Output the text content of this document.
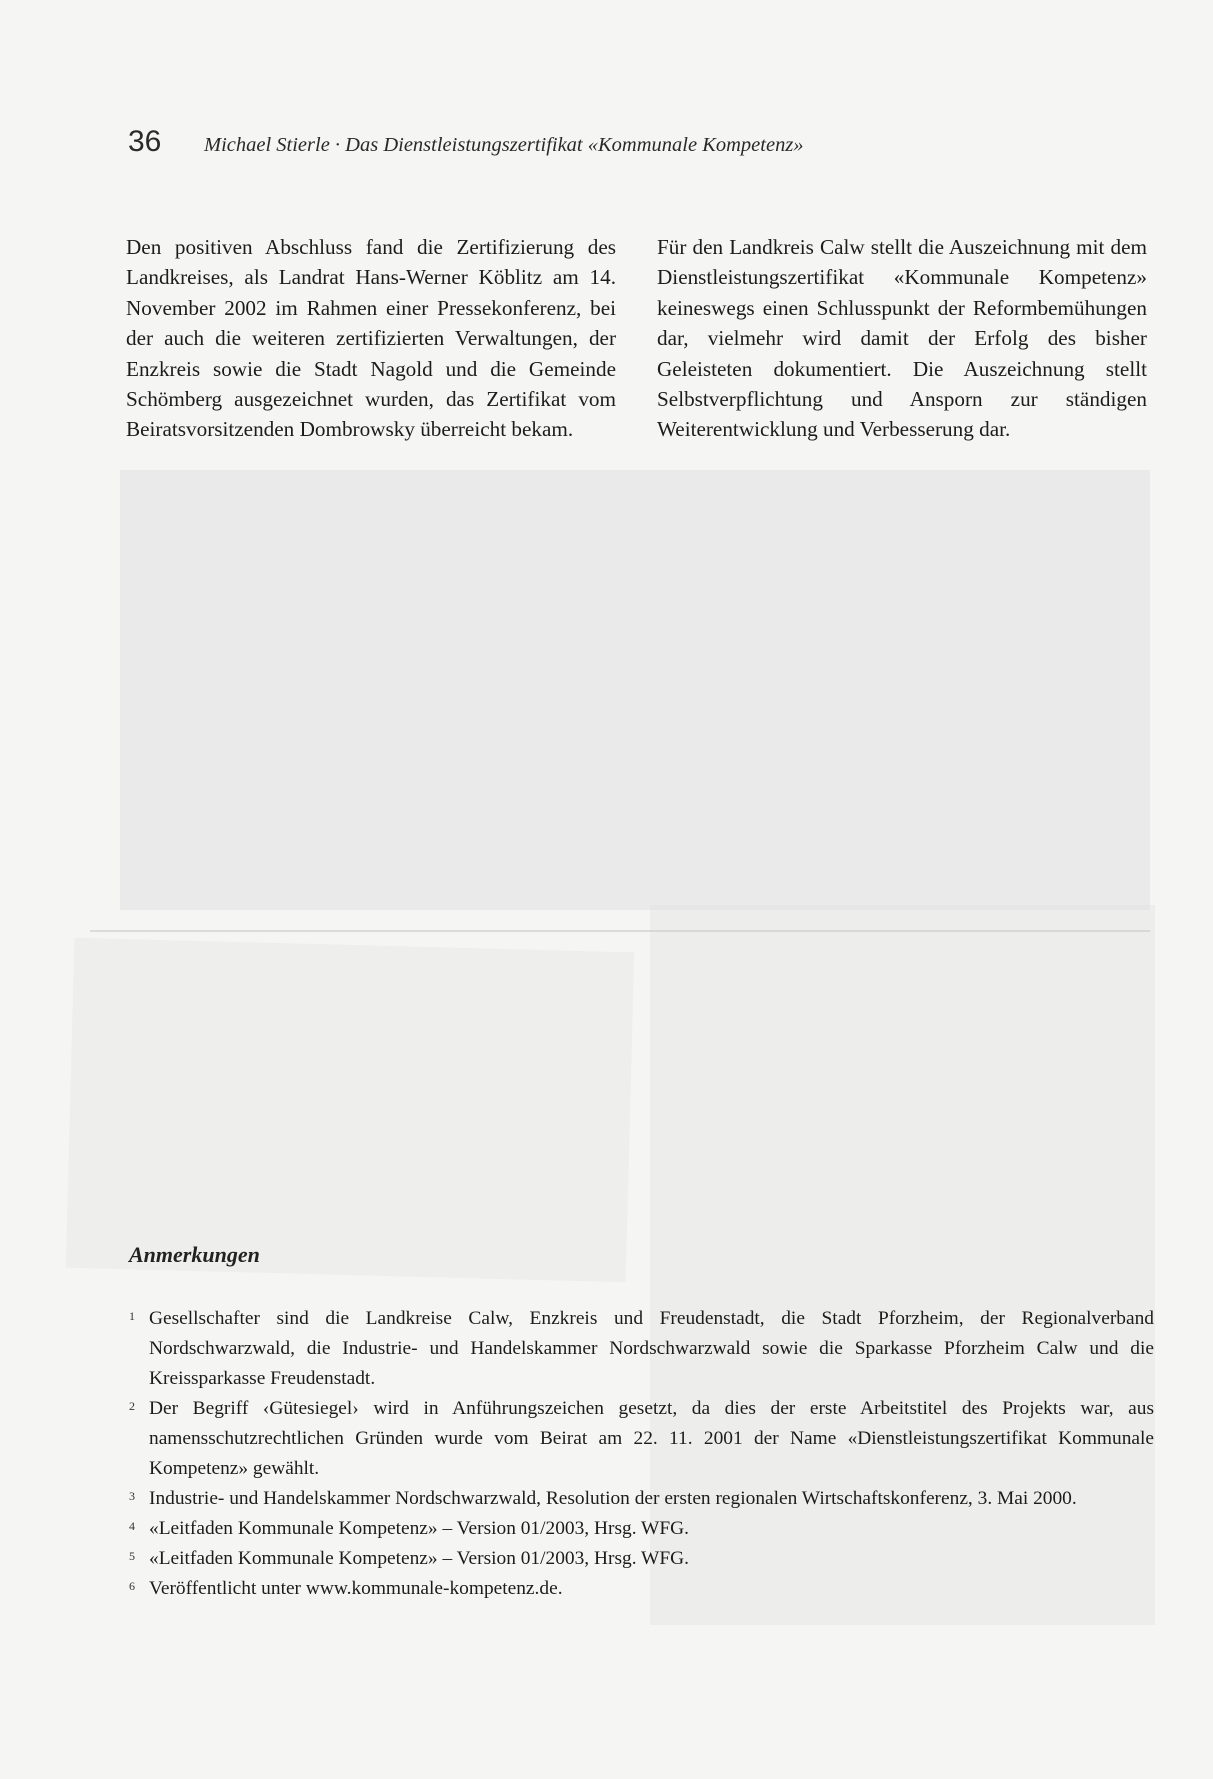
36	Michael Stierle · Das Dienstleistungszertifikat «Kommunale Kompetenz»

Den positiven Abschluss fand die Zertifizierung des Landkreises, als Landrat Hans-Werner Köblitz am 14. November 2002 im Rahmen einer Pressekonferenz, bei der auch die weiteren zertifizierten Verwaltungen, der Enzkreis sowie die Stadt Nagold und die Gemeinde Schömberg ausgezeichnet wurden, das Zertifikat vom Beiratsvorsitzenden Dombrowsky überreicht bekam.

Für den Landkreis Calw stellt die Auszeichnung mit dem Dienstleistungszertifikat «Kommunale Kompetenz» keineswegs einen Schlusspunkt der Reformbemühungen dar, vielmehr wird damit der Erfolg des bisher Geleisteten dokumentiert. Die Auszeichnung stellt Selbstverpflichtung und Ansporn zur ständigen Weiterentwicklung und Verbesserung dar.

Anmerkungen
1 Gesellschafter sind die Landkreise Calw, Enzkreis und Freudenstadt, die Stadt Pforzheim, der Regionalverband Nordschwarzwald, die Industrie- und Handelskammer Nordschwarzwald sowie die Sparkasse Pforzheim Calw und die Kreissparkasse Freudenstadt.
2 Der Begriff ‹Gütesiegel› wird in Anführungszeichen gesetzt, da dies der erste Arbeitstitel des Projekts war, aus namensschutzrechtlichen Gründen wurde vom Beirat am 22. 11. 2001 der Name «Dienstleistungszertifikat Kommunale Kompetenz» gewählt.
3 Industrie- und Handelskammer Nordschwarzwald, Resolution der ersten regionalen Wirtschaftskonferenz, 3. Mai 2000.
4 «Leitfaden Kommunale Kompetenz» – Version 01/2003, Hrsg. WFG.
5 «Leitfaden Kommunale Kompetenz» – Version 01/2003, Hrsg. WFG.
6 Veröffentlicht unter www.kommunale-kompetenz.de.
